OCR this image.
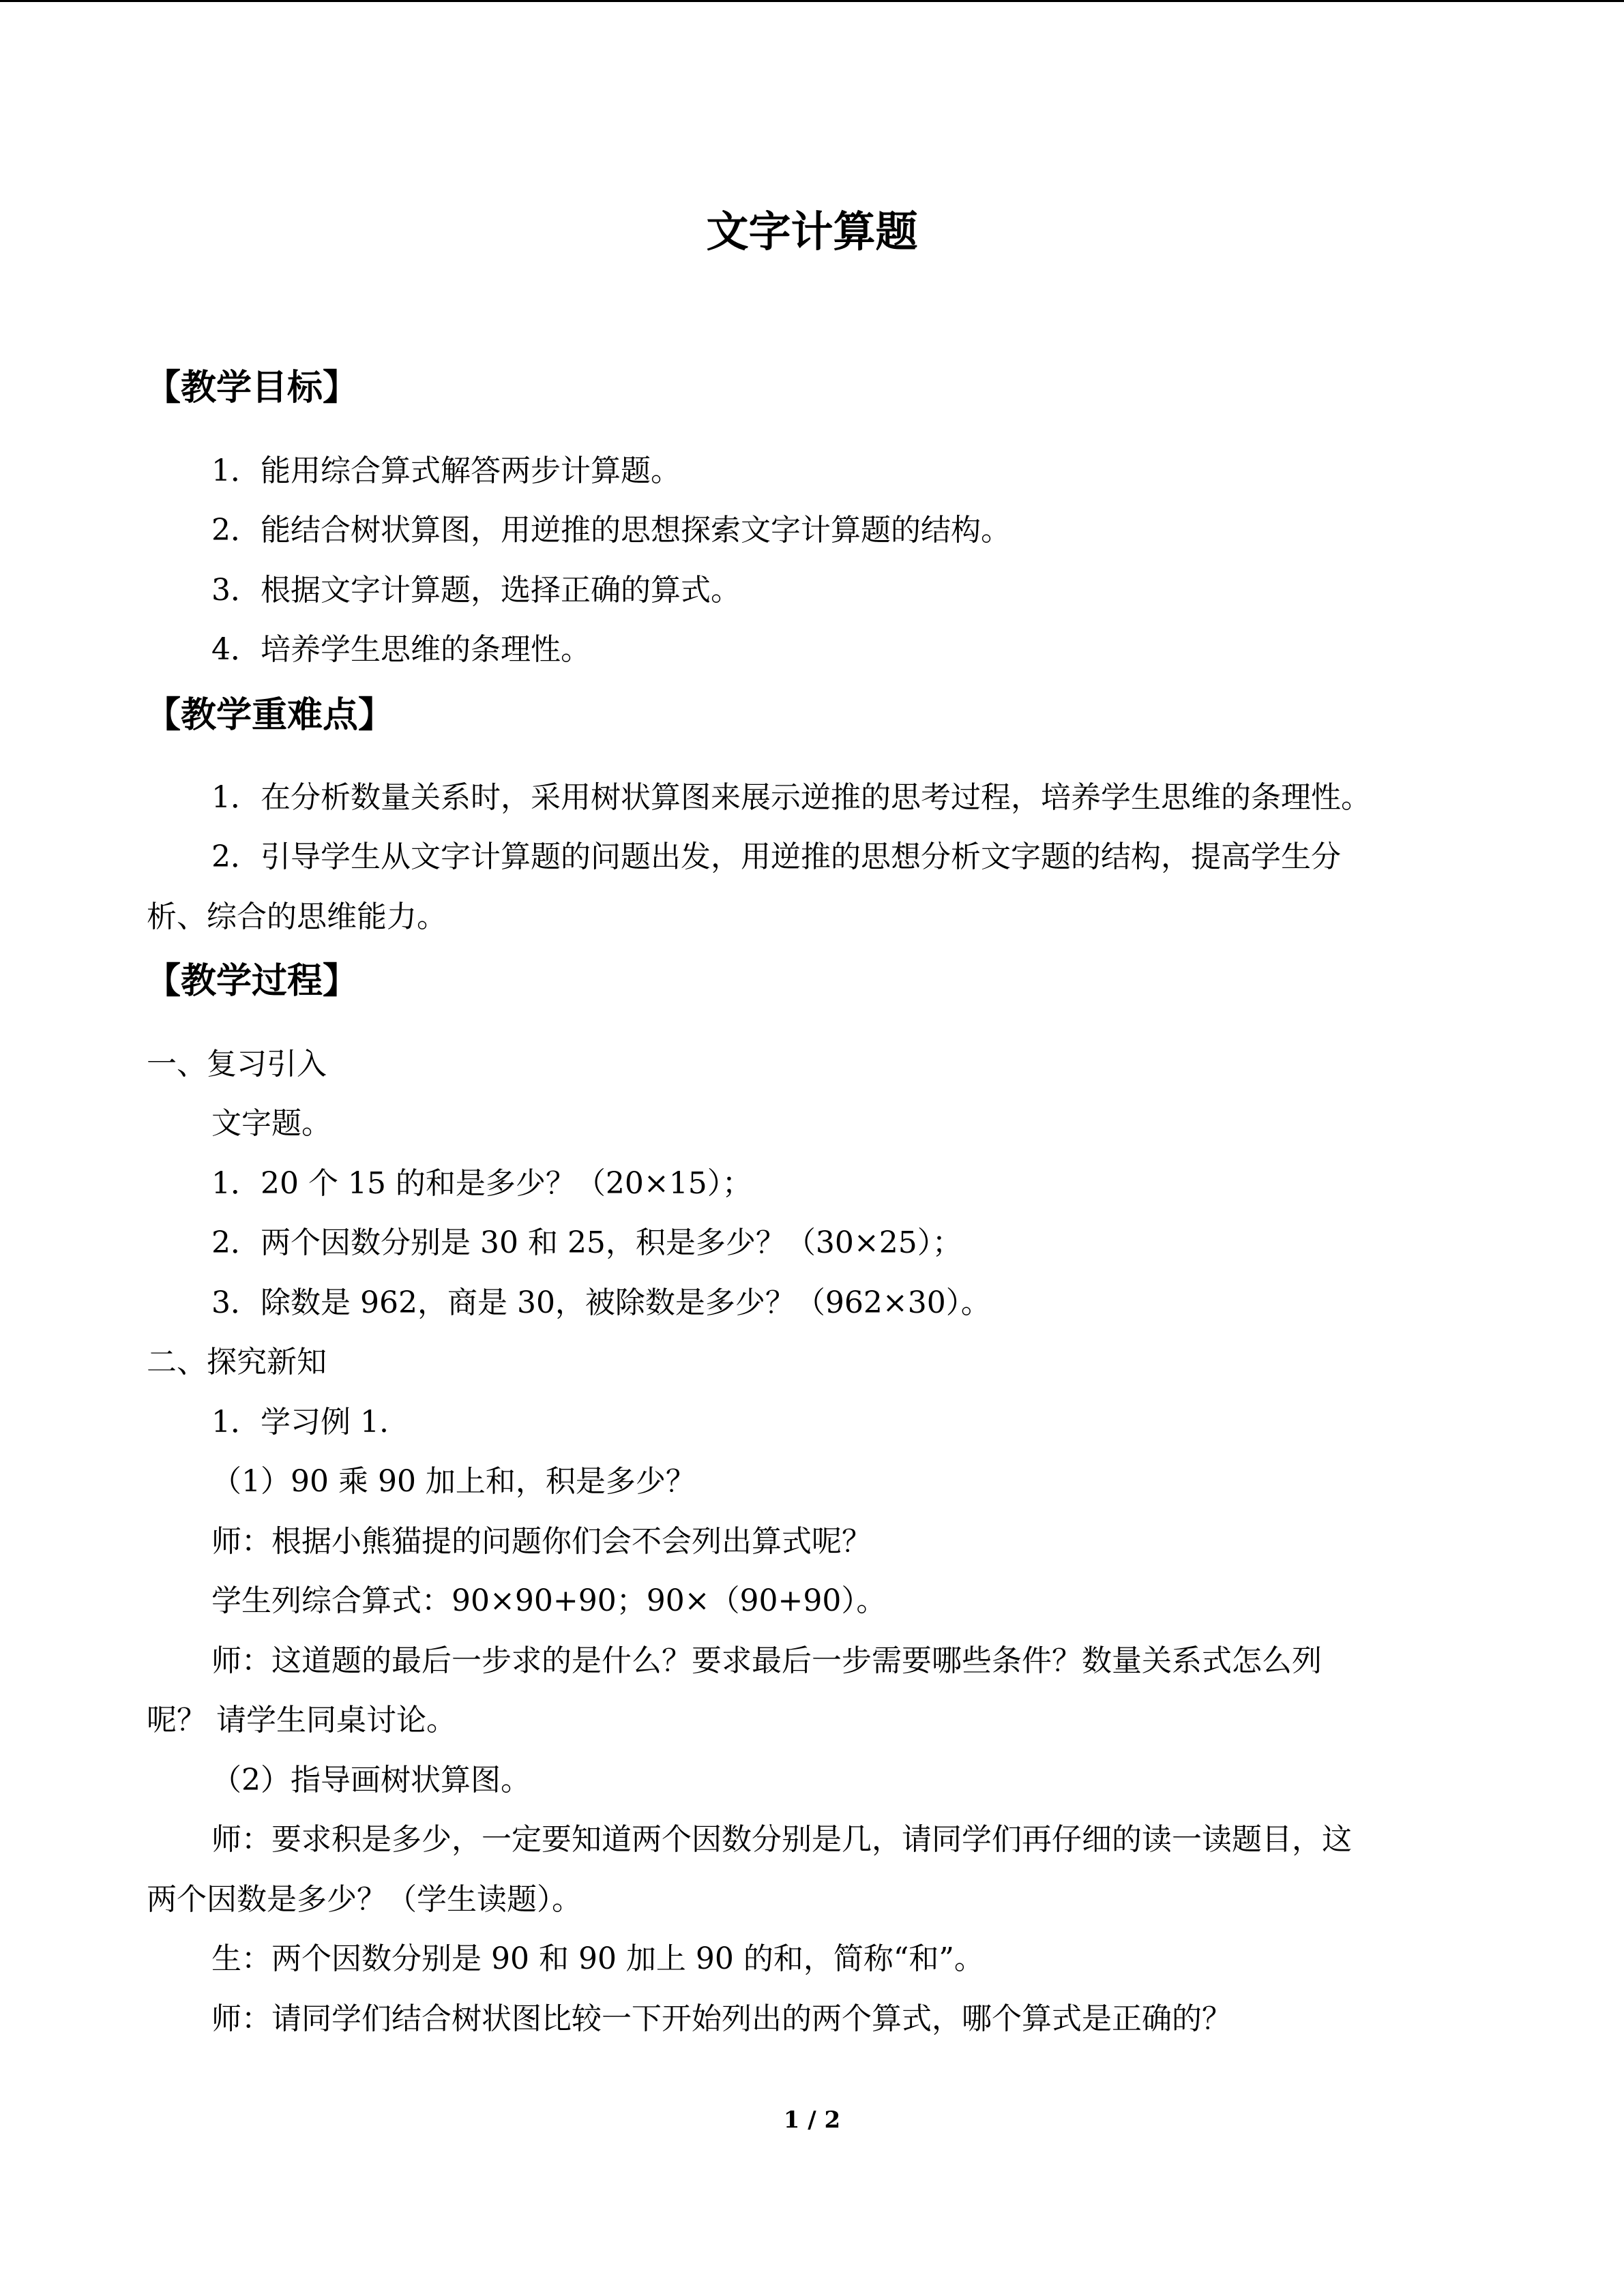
文字计算题
【教学目标】
1．能用综合算式解答两步计算题。
2．能结合树状算图，用逆推的思想探索文字计算题的结构。
3．根据文字计算题，选择正确的算式。
4．培养学生思维的条理性。
【教学重难点】
1．在分析数量关系时，采用树状算图来展示逆推的思考过程，培养学生思维的条理性。
2．引导学生从文字计算题的问题出发，用逆推的思想分析文字题的结构，提高学生分
析、综合的思维能力。
【教学过程】
一、复习引入
文字题。
1．20 个 15 的和是多少？（20×15）；
2．两个因数分别是 30 和 25，积是多少？（30×25）；
3．除数是 962，商是 30，被除数是多少？（962×30）。
二、探究新知
1．学习例 1.
（1）90 乘 90 加上和，积是多少？
师：根据小熊猫提的问题你们会不会列出算式呢？
学生列综合算式：90×90+90；90×（90+90）。
师：这道题的最后一步求的是什么？要求最后一步需要哪些条件？数量关系式怎么列
呢？ 请学生同桌讨论。
（2）指导画树状算图。
师：要求积是多少，一定要知道两个因数分别是几，请同学们再仔细的读一读题目，这
两个因数是多少？（学生读题）。
生：两个因数分别是 90 和 90 加上 90 的和，简称“和”。
师：请同学们结合树状图比较一下开始列出的两个算式，哪个算式是正确的？
1 / 2
